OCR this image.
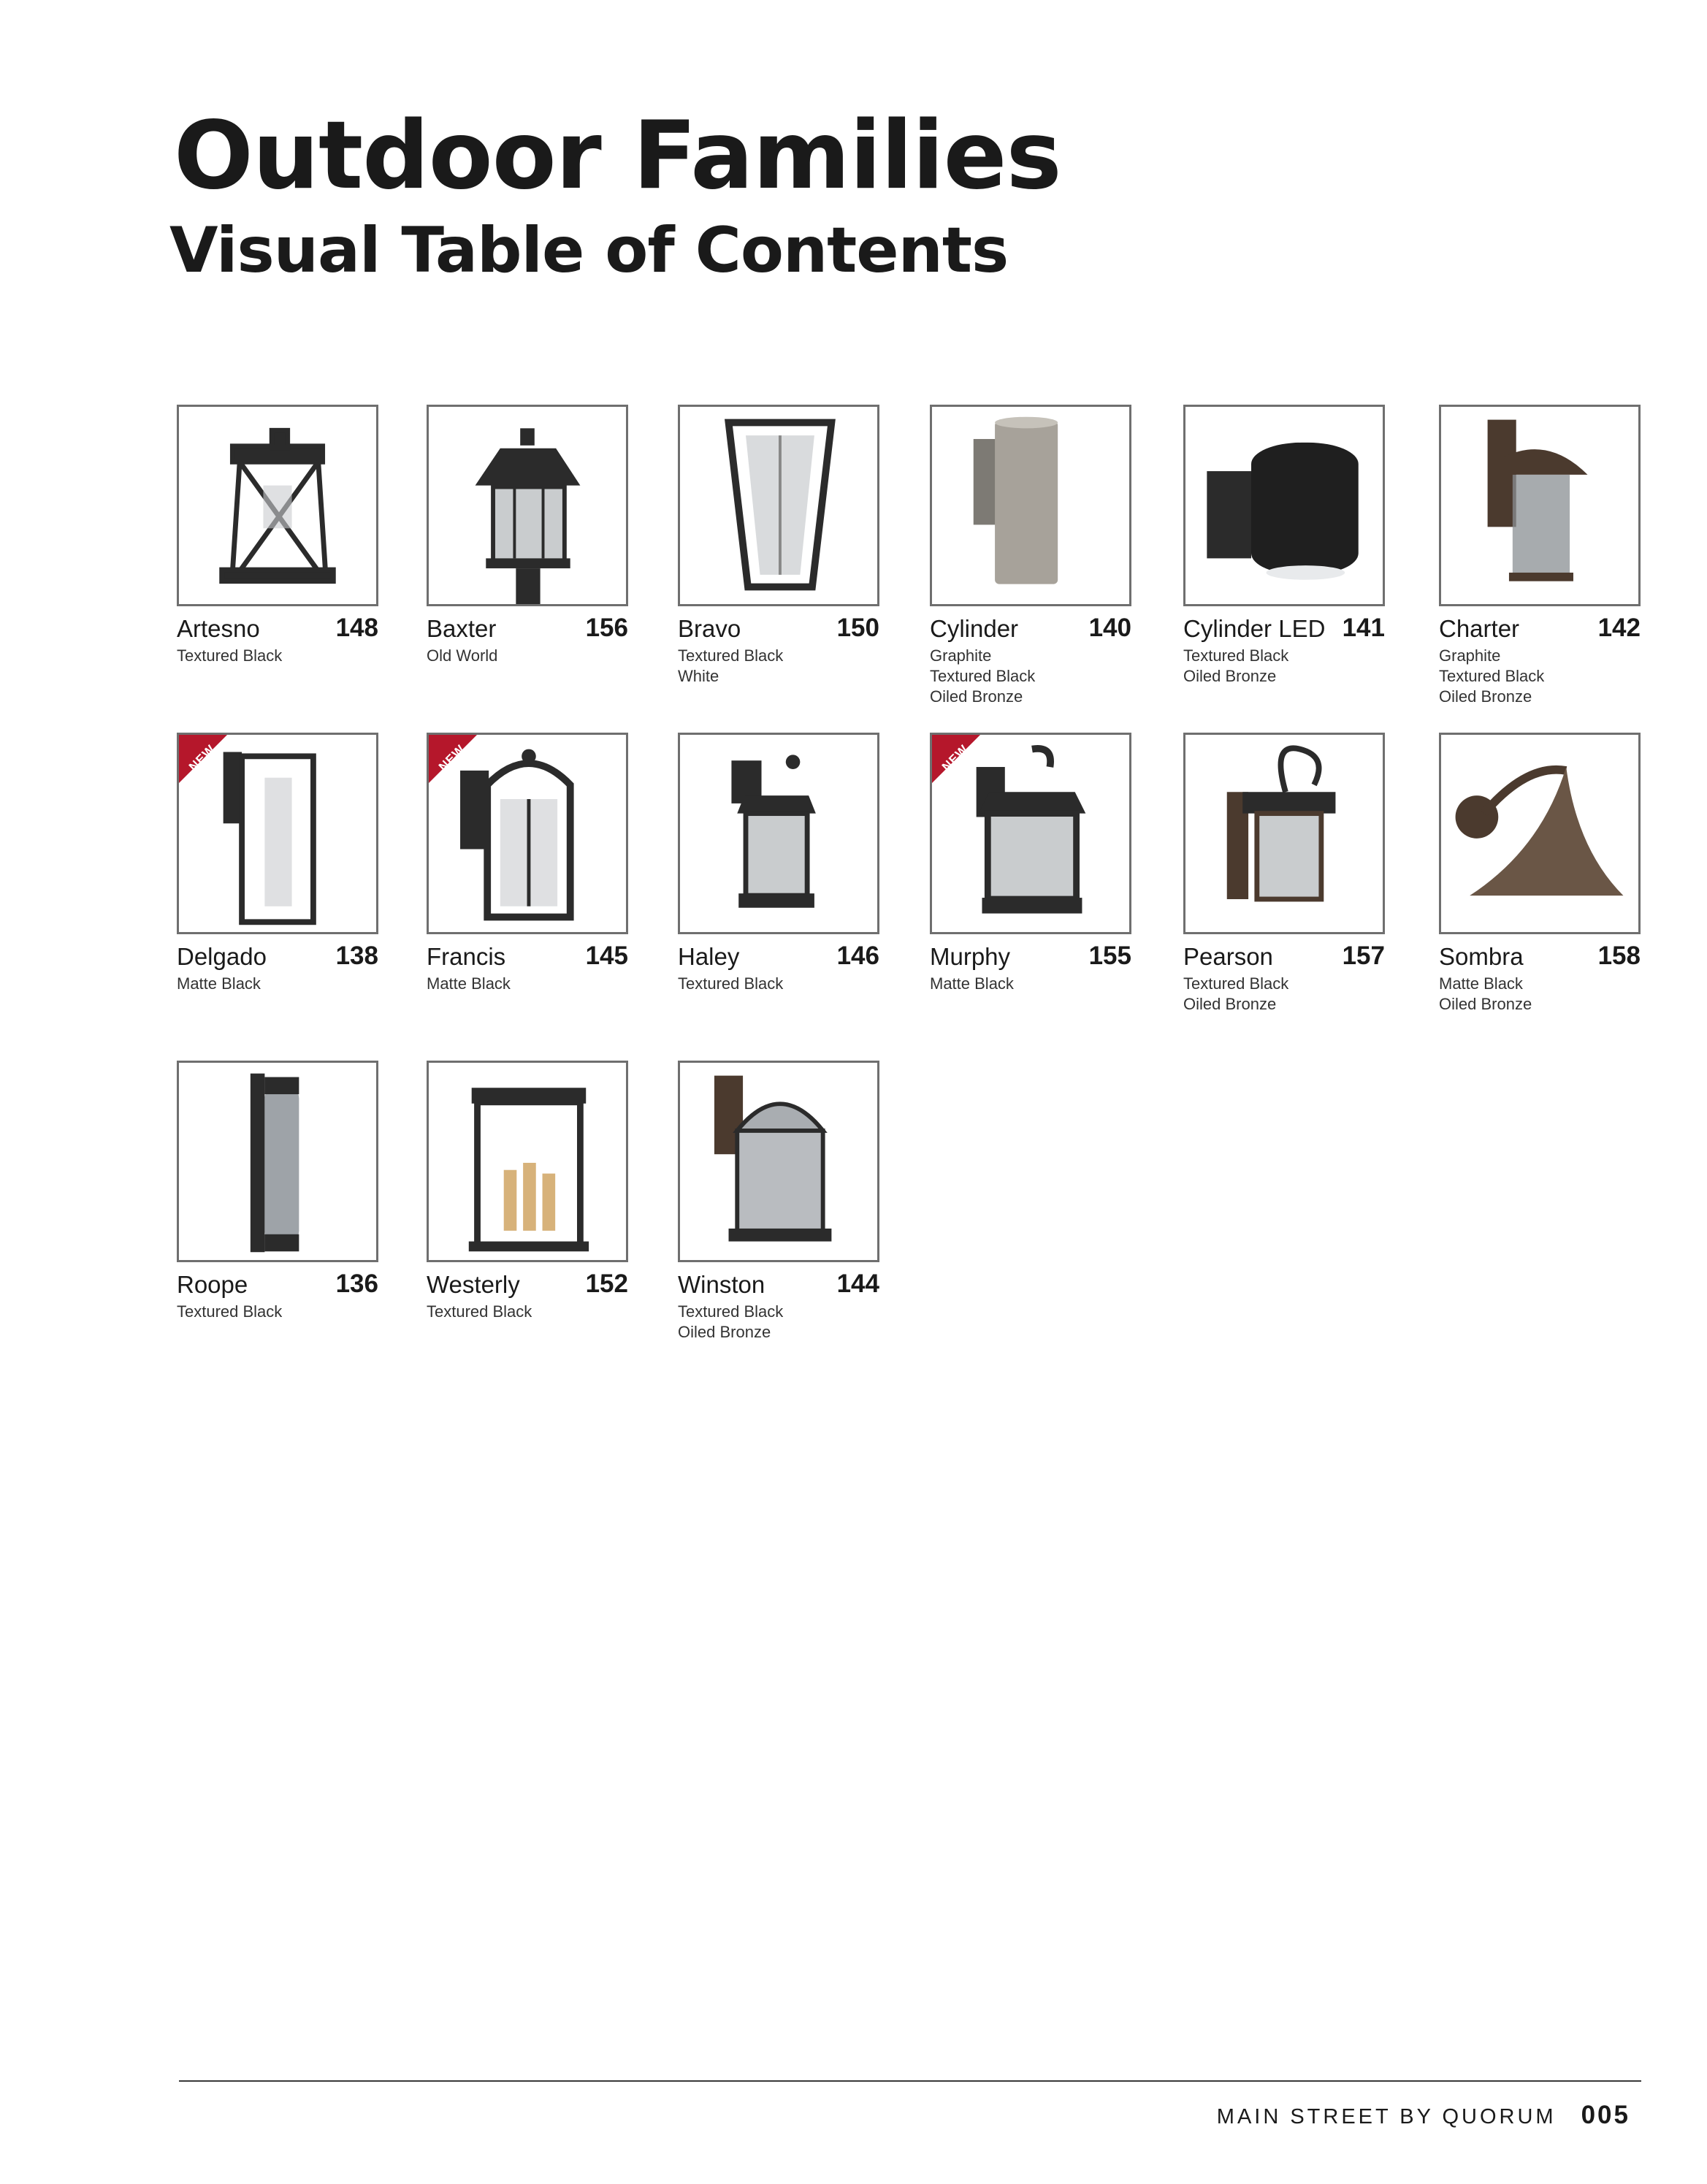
Outdoor Families
Visual Table of Contents
Artesno	148
Textured Black
Baxter	156
Old World
Bravo	150
Textured Black
White
Cylinder	140
Graphite
Textured Black
Oiled Bronze
Cylinder LED 141
Textured Black
Oiled Bronze
Charter	142
Graphite
Textured Black
Oiled Bronze
NEW
Delgado	138
Matte Black
NEW
Francis	145
Matte Black
Haley	146
Textured Black
NEW
Murphy	155
Matte Black
Pearson	157
Textured Black
Oiled Bronze
Sombra	158
Matte Black
Oiled Bronze
Roope	136
Textured Black
Westerly	152
Textured Black
Winston	144
Textured Black
Oiled Bronze
MAIN STREET BY QUORUM 005
